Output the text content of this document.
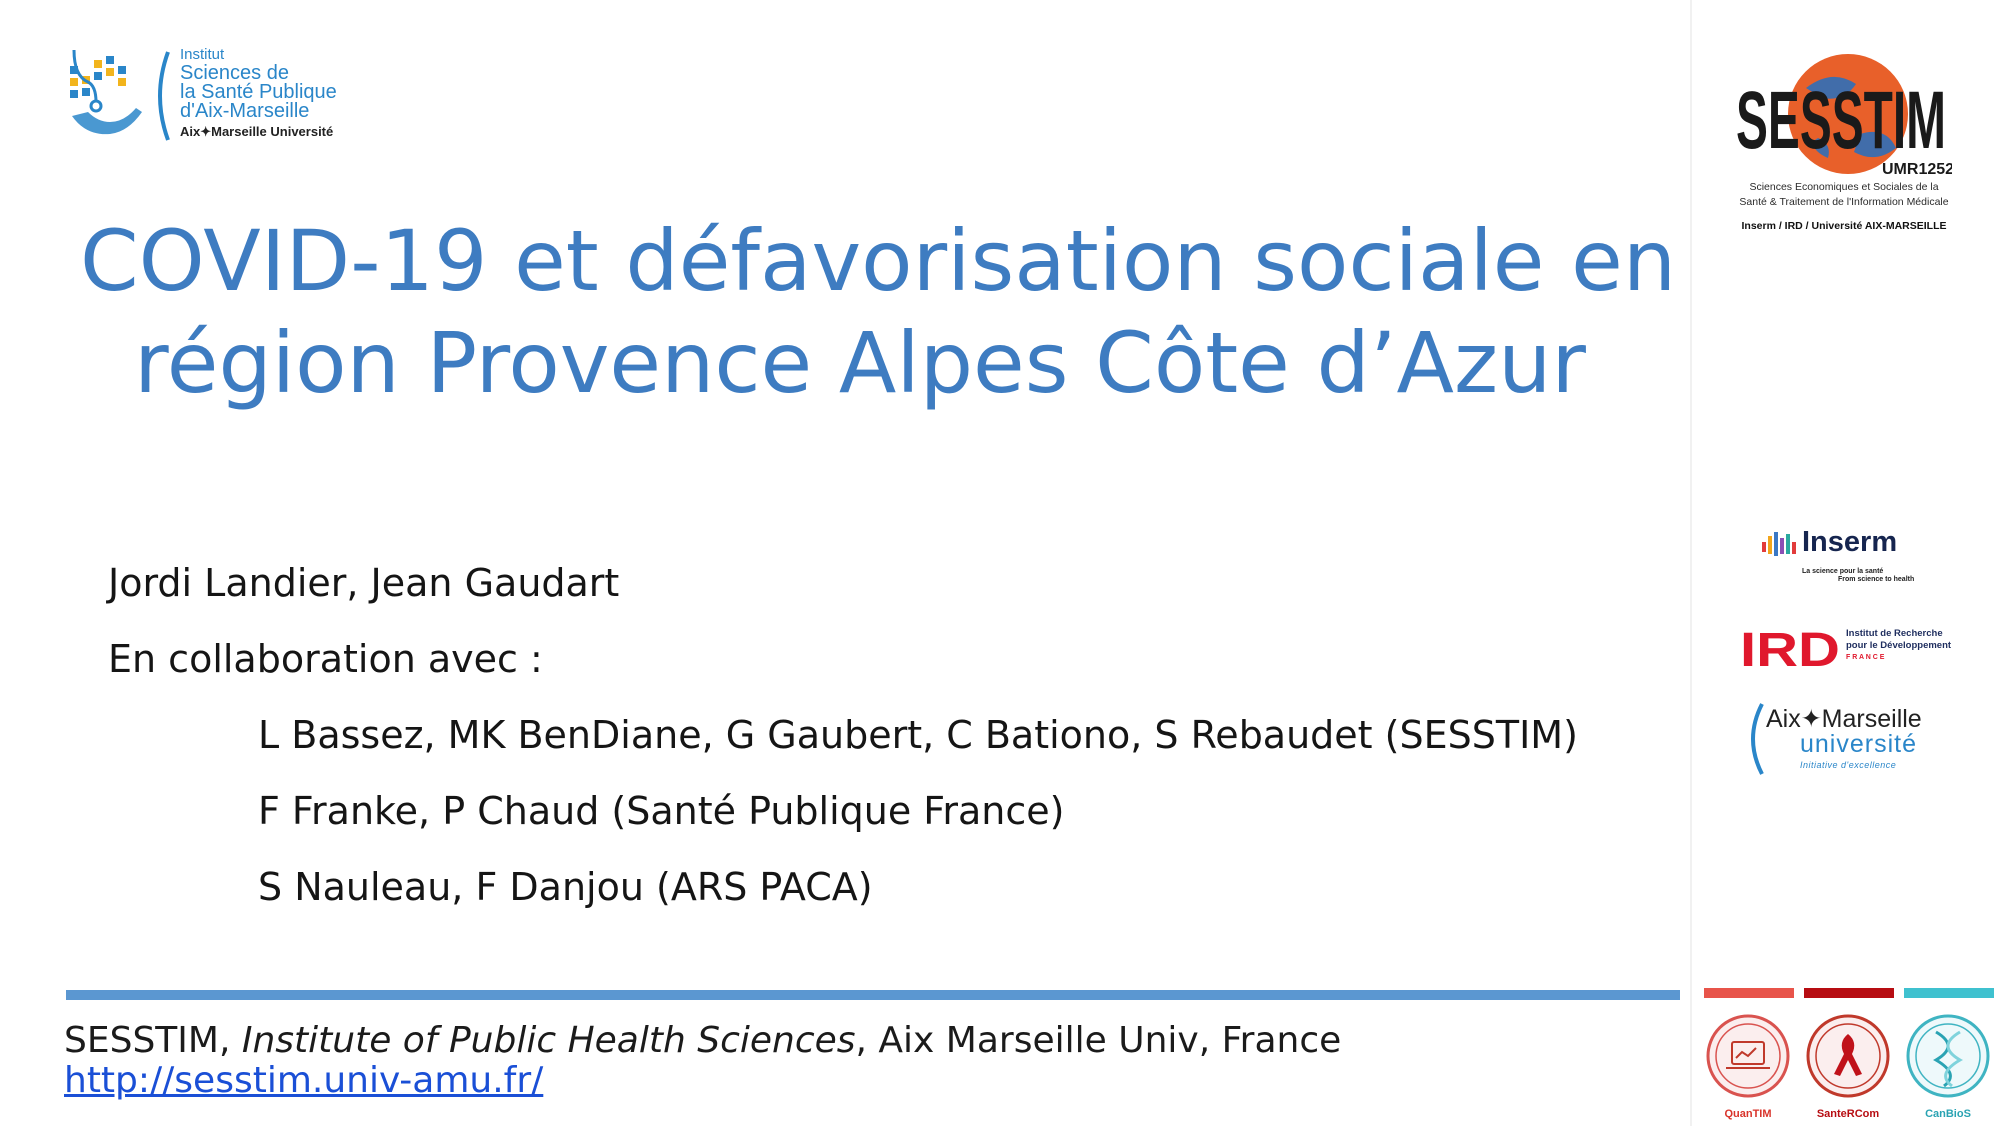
Institut
Sciences de
la Santé Publique
d'Aix-Marseille
Aix✦Marseille Université
COVID-19 et défavorisation sociale en
région Provence Alpes Côte d’Azur
Jordi Landier, Jean Gaudart
En collaboration avec :
L Bassez, MK BenDiane, G Gaubert, C Bationo, S Rebaudet (SESSTIM)
F Franke, P Chaud (Santé Publique France)
S Nauleau, F Danjou (ARS PACA)
SESSTIM, Institute of Public Health Sciences, Aix Marseille Univ, France
http://sesstim.univ-amu.fr/
SESSTIM
UMR1252
Sciences Economiques et Sociales de la
Santé & Traitement de l'Information Médicale
Inserm / IRD / Université AIX-MARSEILLE
Inserm
La science pour la santé
From science to health
IRD Institut de Recherche
pour le Développement
F R A N C E
Aix✦Marseille
université
Initiative d'excellence
QuanTIM	SanteRCom	CanBioS
